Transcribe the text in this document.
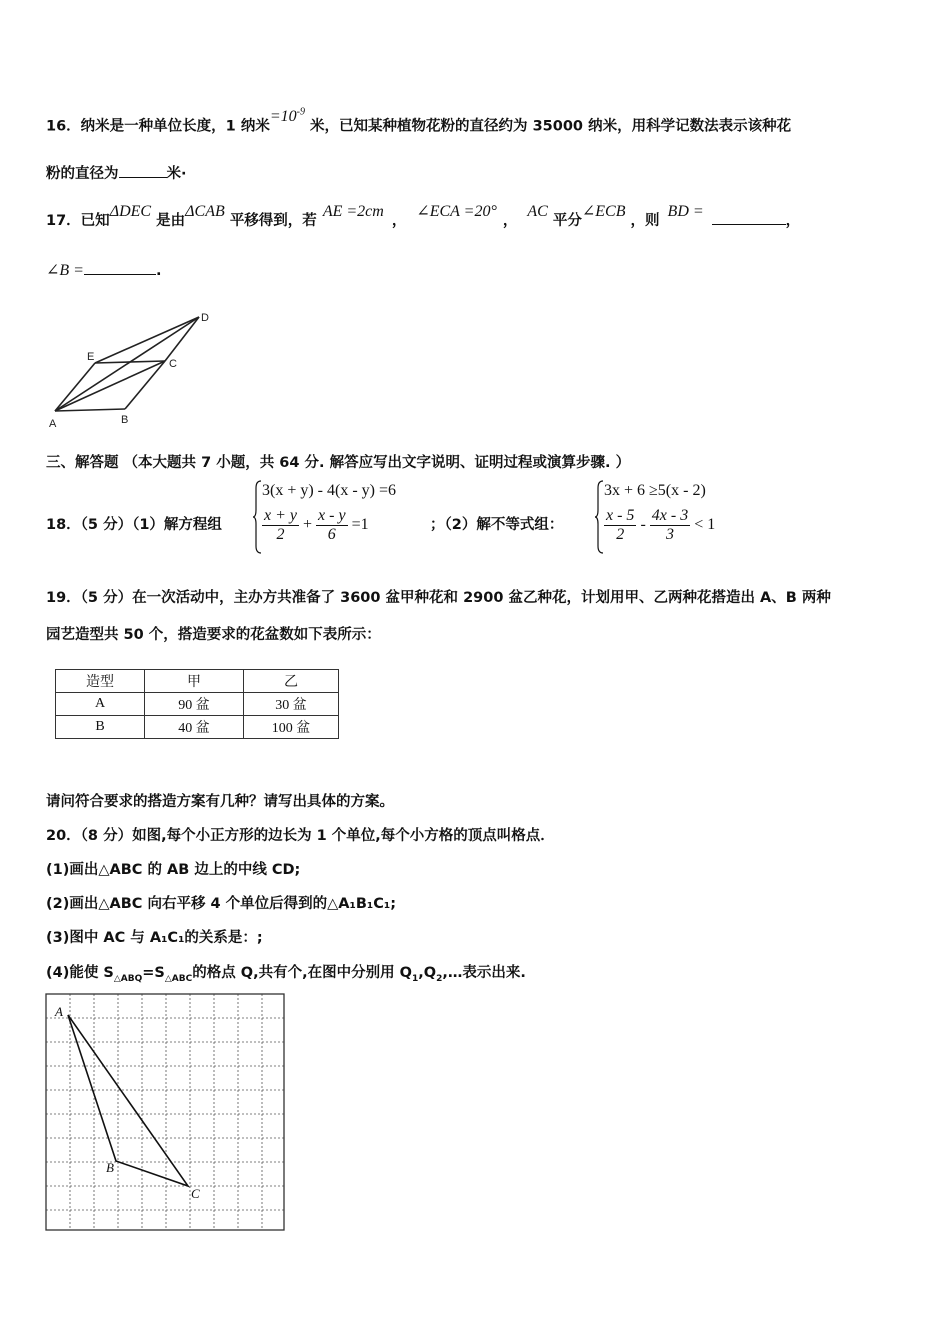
16．纳米是一种单位长度，1 纳米$=10^{-9}$ 米，已知某种植物花粉的直径约为 35000 纳米，用科学记数法表示该种花
粉的直径为	米·
17．已知ΔDEC 是由ΔCAB 平移得到，若AE =2cm，∠ECA =20°，AC 平分∠ECB ，则BD =，
∠B =	.
A	B
C
D
E
三、解答题 （本大题共 7 小题，共 64 分. 解答应写出文字说明、证明过程或演算步骤. ）
18．（5 分）（1）解方程组
3(x + y) - 4(x - y) =6
$\frac{x + y}{2} + \frac{x - y}{6} =1$	；（2）解不等式组：
3x + 6 ≥5(x - 2)
$\frac{x - 5}{2} - \frac{4x - 3}{3} < 1$
19．（5 分）在一次活动中，主办方共准备了 3600 盆甲种花和 2900 盆乙种花，计划用甲、乙两种花搭造出 A、B 两种
园艺造型共 50 个，搭造要求的花盆数如下表所示：
造型	甲	乙
A	90 盆	30 盆
B	40 盆	100 盆
请问符合要求的搭造方案有几种？请写出具体的方案。
20．（8 分）如图,每个小正方形的边长为 1 个单位,每个小方格的顶点叫格点．
(1)画出△ABC 的 AB 边上的中线 CD;
(2)画出△ABC 向右平移 4 个单位后得到的△A₁B₁C₁;
(3)图中 AC 与 A₁C₁的关系是：;
(4)能使 $S_{\triangle ABQ}=S_{\triangle ABC}$的格点 Q,共有个,在图中分别用 $Q_1,Q_2,\dots$表示出来.
A
B
C
